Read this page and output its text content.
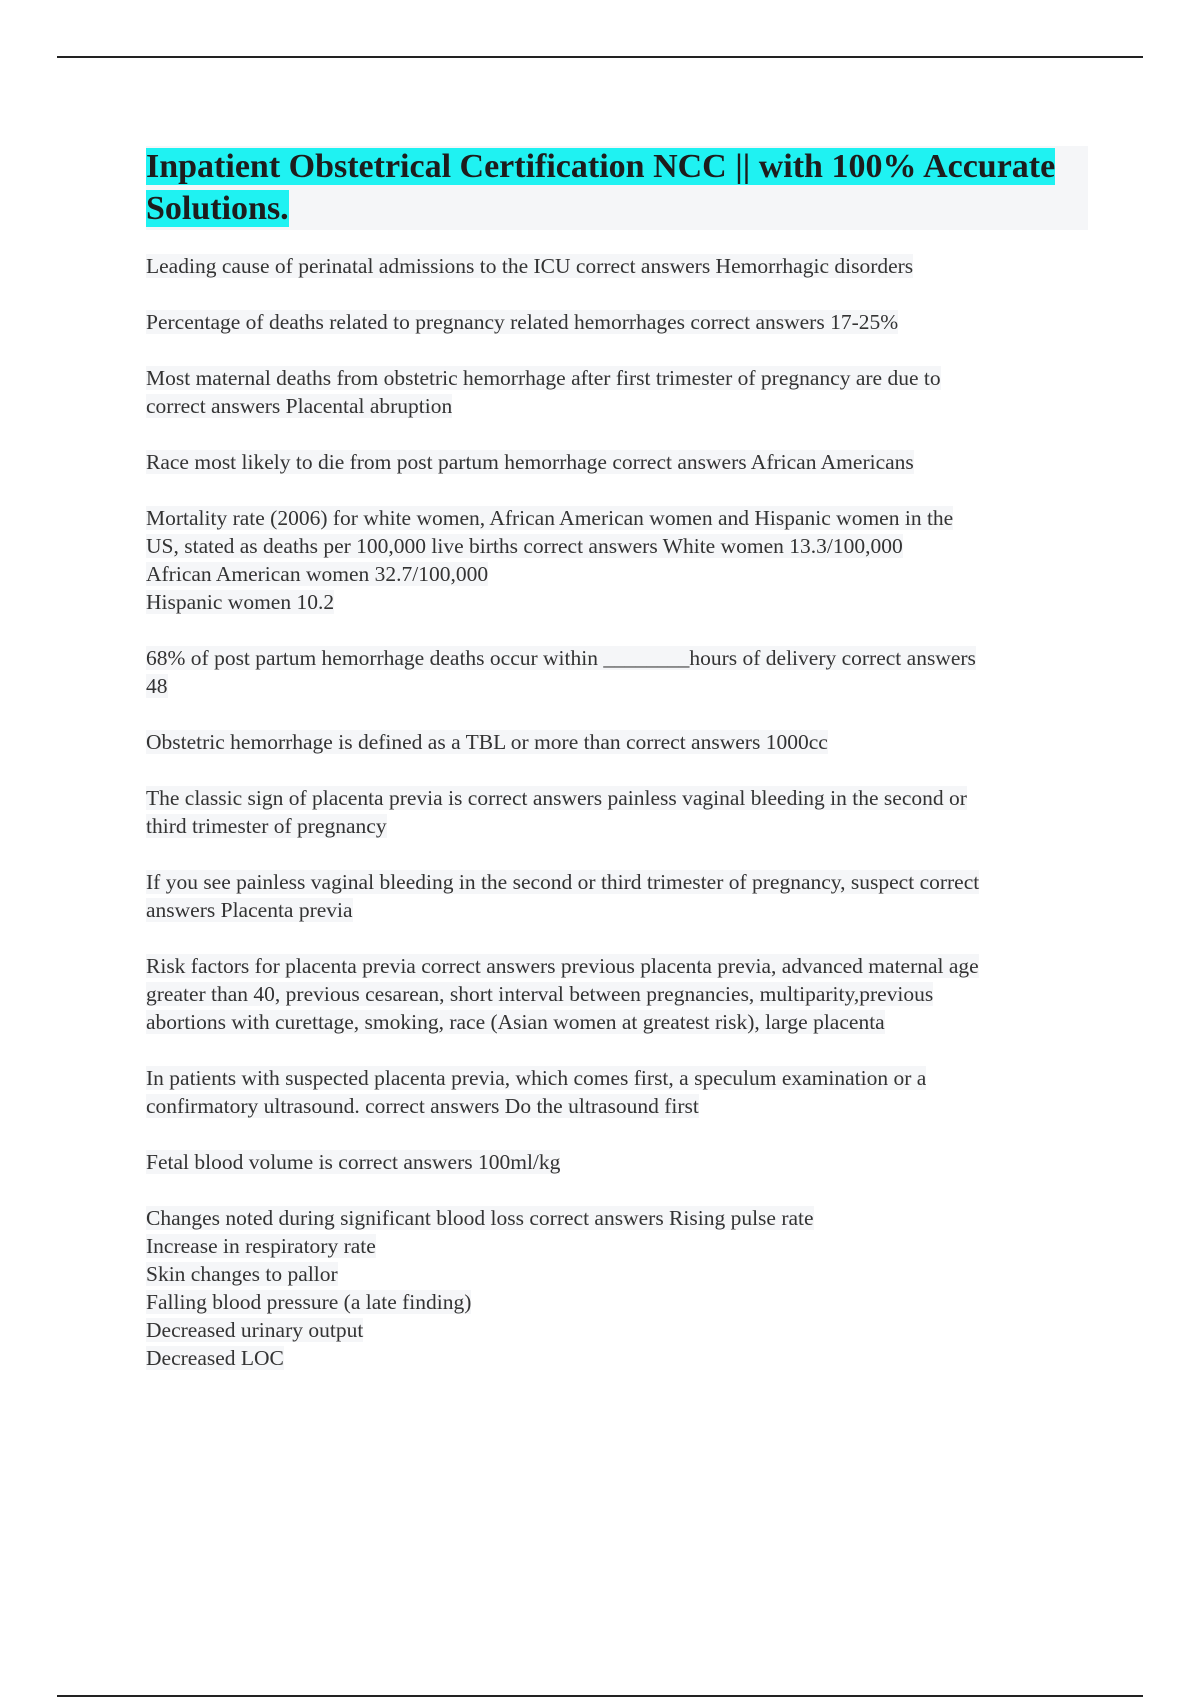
Inpatient Obstetrical Certification NCC || with 100% Accurate Solutions.

Leading cause of perinatal admissions to the ICU correct answers Hemorrhagic disorders

Percentage of deaths related to pregnancy related hemorrhages correct answers 17-25%

Most maternal deaths from obstetric hemorrhage after first trimester of pregnancy are due to
correct answers Placental abruption

Race most likely to die from post partum hemorrhage correct answers African Americans

Mortality rate (2006) for white women, African American women and Hispanic women in the
US, stated as deaths per 100,000 live births correct answers White women 13.3/100,000
African American women 32.7/100,000
Hispanic women 10.2

68% of post partum hemorrhage deaths occur within ________hours of delivery correct answers
48

Obstetric hemorrhage is defined as a TBL or more than correct answers 1000cc

The classic sign of placenta previa is correct answers painless vaginal bleeding in the second or
third trimester of pregnancy

If you see painless vaginal bleeding in the second or third trimester of pregnancy, suspect correct
answers Placenta previa

Risk factors for placenta previa correct answers previous placenta previa, advanced maternal age
greater than 40, previous cesarean, short interval between pregnancies, multiparity,previous
abortions with curettage, smoking, race (Asian women at greatest risk), large placenta

In patients with suspected placenta previa, which comes first, a speculum examination or a
confirmatory ultrasound. correct answers Do the ultrasound first

Fetal blood volume is correct answers 100ml/kg

Changes noted during significant blood loss correct answers Rising pulse rate
Increase in respiratory rate
Skin changes to pallor
Falling blood pressure (a late finding)
Decreased urinary output
Decreased LOC
